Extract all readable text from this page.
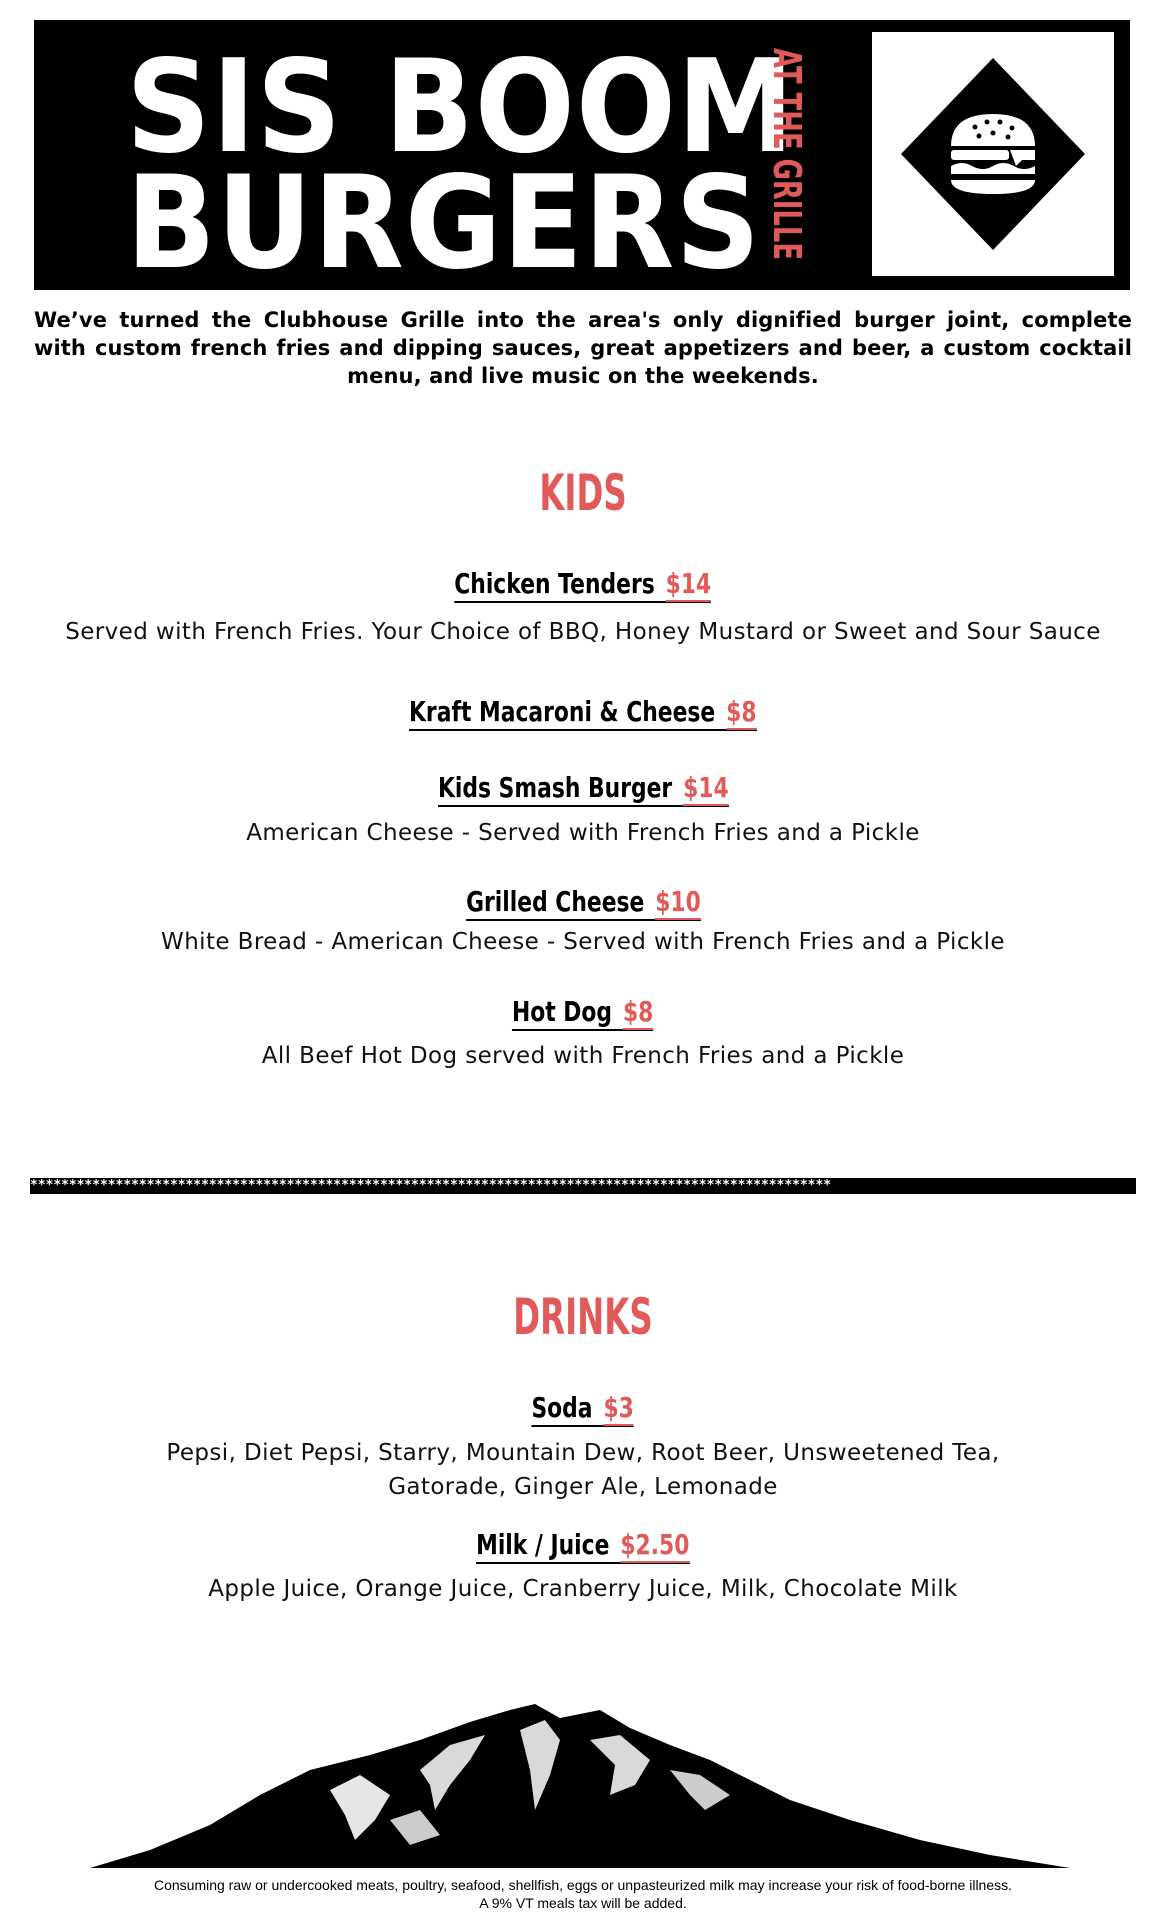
SIS BOOM
BURGERS AT THE GRILLE
We’ve turned the Clubhouse Grille into the area's only dignified burger joint, complete with custom french fries and dipping sauces, great appetizers and beer, a custom cocktail menu, and live music on the weekends.
KIDS
Chicken Tenders $14
Served with French Fries. Your Choice of BBQ, Honey Mustard or Sweet and Sour Sauce
Kraft Macaroni & Cheese $8
Kids Smash Burger $14
American Cheese - Served with French Fries and a Pickle
Grilled Cheese $10
White Bread - American Cheese - Served with French Fries and a Pickle
Hot Dog $8
All Beef Hot Dog served with French Fries and a Pickle
*******************************************************************************************************
DRINKS
Soda $3
Pepsi, Diet Pepsi, Starry, Mountain Dew, Root Beer, Unsweetened Tea, Gatorade, Ginger Ale, Lemonade
Milk / Juice $2.50
Apple Juice, Orange Juice, Cranberry Juice, Milk, Chocolate Milk
Consuming raw or undercooked meats, poultry, seafood, shellfish, eggs or unpasteurized milk may increase your risk of food-borne illness.
A 9% VT meals tax will be added.
